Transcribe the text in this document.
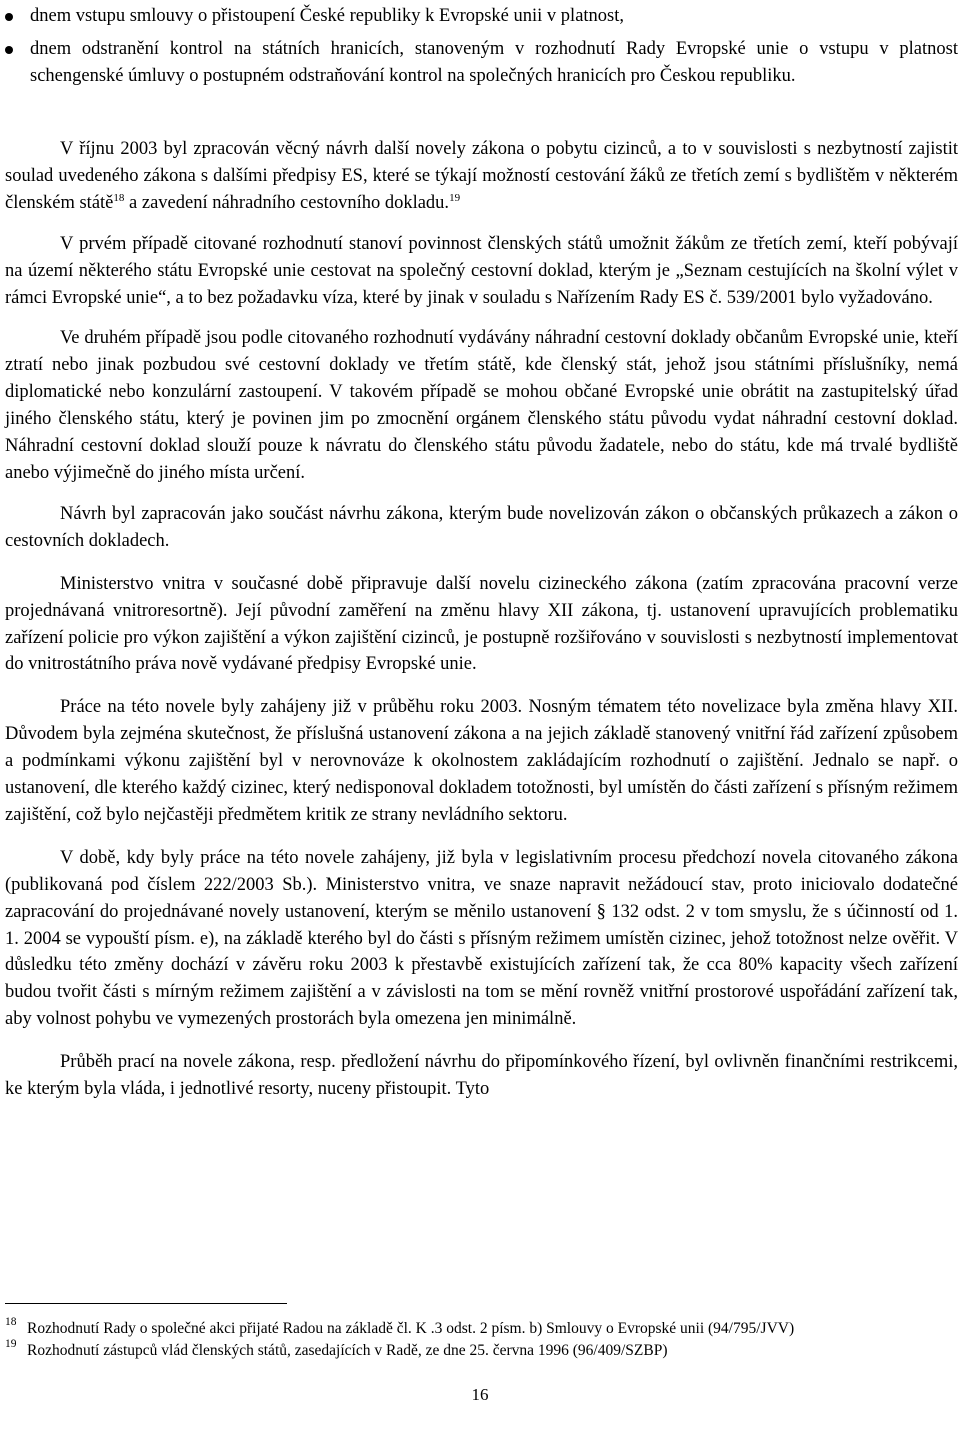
dnem vstupu smlouvy o přistoupení České republiky k Evropské unii v platnost,
dnem odstranění kontrol na státních hranicích, stanoveným v rozhodnutí Rady Evropské unie o vstupu v platnost schengenské úmluvy o postupném odstraňování kontrol na společných hranicích pro Českou republiku.

V říjnu 2003 byl zpracován věcný návrh další novely zákona o pobytu cizinců, a to v souvislosti s nezbytností zajistit soulad uvedeného zákona s dalšími předpisy ES, které se týkají možností cestování žáků ze třetích zemí s bydlištěm v některém členském státě$^{18}$ a zavedení náhradního cestovního dokladu.$^{19}$

V prvém případě citované rozhodnutí stanoví povinnost členských států umožnit žákům ze třetích zemí, kteří pobývají na území některého státu Evropské unie cestovat na společný cestovní doklad, kterým je „Seznam cestujících na školní výlet v rámci Evropské unie“, a to bez požadavku víza, které by jinak v souladu s Nařízením Rady ES č. 539/2001 bylo vyžadováno.

Ve druhém případě jsou podle citovaného rozhodnutí vydávány náhradní cestovní doklady občanům Evropské unie, kteří ztratí nebo jinak pozbudou své cestovní doklady ve třetím státě, kde členský stát, jehož jsou státními příslušníky, nemá diplomatické nebo konzulární zastoupení. V takovém případě se mohou občané Evropské unie obrátit na zastupitelský úřad jiného členského státu, který je povinen jim po zmocnění orgánem členského státu původu vydat náhradní cestovní doklad. Náhradní cestovní doklad slouží pouze k návratu do členského státu původu žadatele, nebo do státu, kde má trvalé bydliště anebo výjimečně do jiného místa určení.

Návrh byl zapracován jako součást návrhu zákona, kterým bude novelizován zákon o občanských průkazech a zákon o cestovních dokladech.

Ministerstvo vnitra v současné době připravuje další novelu cizineckého zákona (zatím zpracována pracovní verze projednávaná vnitroresortně). Její původní zaměření na změnu hlavy XII zákona, tj. ustanovení upravujících problematiku zařízení policie pro výkon zajištění a výkon zajištění cizinců, je postupně rozšiřováno v souvislosti s nezbytností implementovat do vnitrostátního práva nově vydávané předpisy Evropské unie.

Práce na této novele byly zahájeny již v průběhu roku 2003. Nosným tématem této novelizace byla změna hlavy XII. Důvodem byla zejména skutečnost, že příslušná ustanovení zákona a na jejich základě stanovený vnitřní řád zařízení způsobem a podmínkami výkonu zajištění byl v nerovnováze k okolnostem zakládajícím rozhodnutí o zajištění. Jednalo se např. o ustanovení, dle kterého každý cizinec, který nedisponoval dokladem totožnosti, byl umístěn do části zařízení s přísným režimem zajištění, což bylo nejčastěji předmětem kritik ze strany nevládního sektoru.

V době, kdy byly práce na této novele zahájeny, již byla v legislativním procesu předchozí novela citovaného zákona (publikovaná pod číslem 222/2003 Sb.). Ministerstvo vnitra, ve snaze napravit nežádoucí stav, proto iniciovalo dodatečné zapracování do projednávané novely ustanovení, kterým se měnilo ustanovení § 132 odst. 2 v tom smyslu, že s účinností od 1. 1. 2004 se vypouští písm. e), na základě kterého byl do části s přísným režimem umístěn cizinec, jehož totožnost nelze ověřit. V důsledku této změny dochází v závěru roku 2003 k přestavbě existujících zařízení tak, že cca 80% kapacity všech zařízení budou tvořit části s mírným režimem zajištění a v závislosti na tom se mění rovněž vnitřní prostorové uspořádání zařízení tak, aby volnost pohybu ve vymezených prostorách byla omezena jen minimálně.

Průběh prací na novele zákona, resp. předložení návrhu do připomínkového řízení, byl ovlivněn finančními restrikcemi, ke kterým byla vláda, i jednotlivé resorty, nuceny přistoupit. Tyto

18 Rozhodnutí Rady o společné akci přijaté Radou na základě čl. K .3 odst. 2 písm. b) Smlouvy o Evropské unii (94/795/JVV)
19 Rozhodnutí zástupců vlád členských států, zasedajících v Radě, ze dne 25. června 1996 (96/409/SZBP)
16
